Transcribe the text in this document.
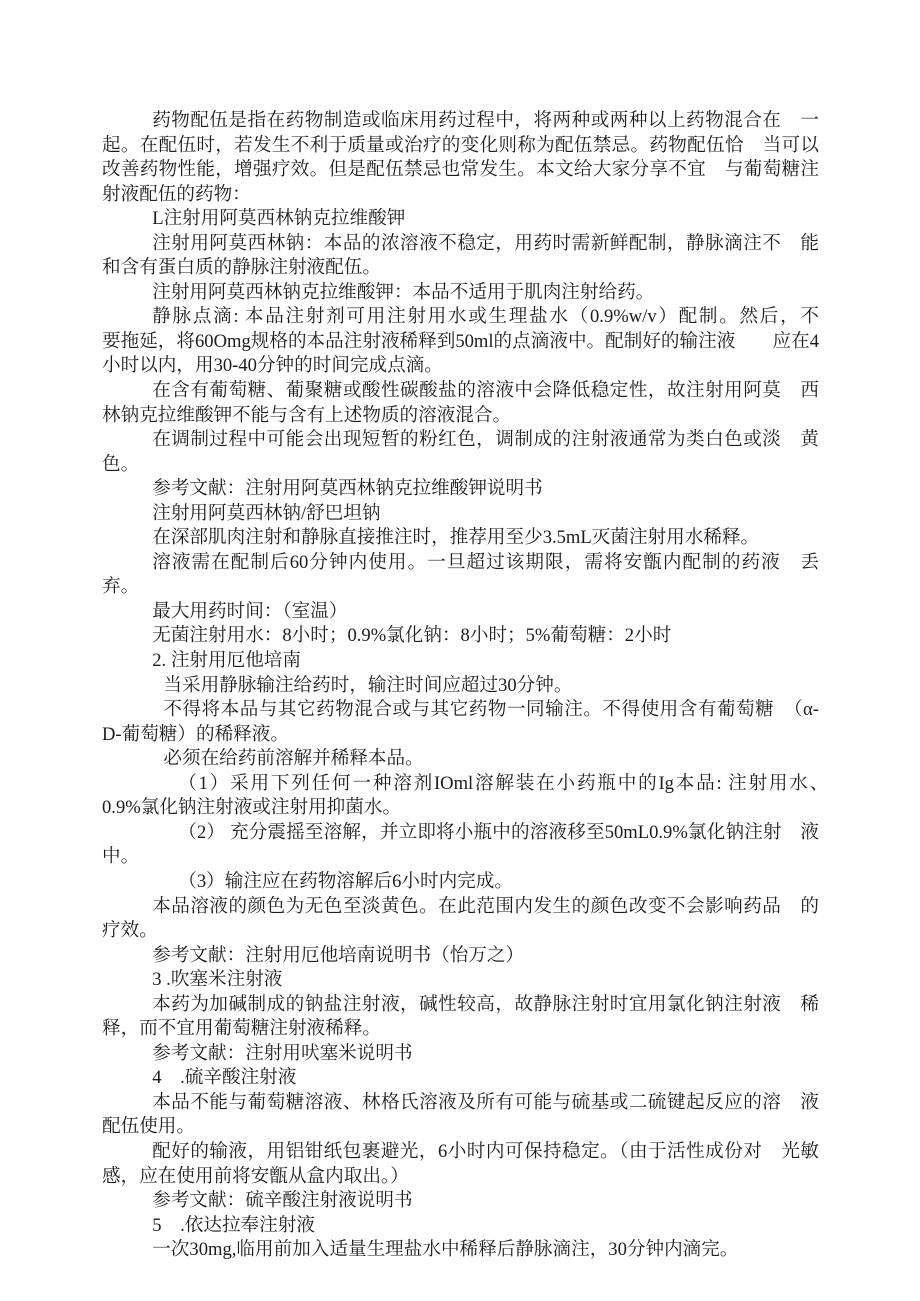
药物配伍是指在药物制造或临床用药过程中，将两种或两种以上药物混合在　一起。在配伍时，若发生不利于质量或治疗的变化则称为配伍禁忌。药物配伍恰　当可以改善药物性能，增强疗效。但是配伍禁忌也常发生。本文给大家分享不宜　与葡萄糖注射液配伍的药物：

L注射用阿莫西林钠克拉维酸钾

注射用阿莫西林钠：本品的浓溶液不稳定，用药时需新鲜配制，静脉滴注不　能和含有蛋白质的静脉注射液配伍。

注射用阿莫西林钠克拉维酸钾：本品不适用于肌肉注射给药。

静脉点滴: 本品注射剂可用注射用水或生理盐水（0.9%w/v）配制。然后，不　　要拖延，将60Omg规格的本品注射液稀释到50ml的点滴液中。配制好的输注液　　应在4小时以内，用30-40分钟的时间完成点滴。

在含有葡萄糖、葡聚糖或酸性碳酸盐的溶液中会降低稳定性，故注射用阿莫　西林钠克拉维酸钾不能与含有上述物质的溶液混合。

在调制过程中可能会出现短暂的粉红色，调制成的注射液通常为类白色或淡　黄色。

参考文献：注射用阿莫西林钠克拉维酸钾说明书

注射用阿莫西林钠/舒巴坦钠

在深部肌肉注射和静脉直接推注时，推荐用至少3.5mL灭菌注射用水稀释。

溶液需在配制后60分钟内使用。一旦超过该期限，需将安甑内配制的药液　丢弃。

最大用药时间：（室温）

无菌注射用水：8小时；0.9%氯化钠：8小时；5%葡萄糖：2小时

2. 注射用厄他培南

当采用静脉输注给药时，输注时间应超过30分钟。

不得将本品与其它药物混合或与其它药物一同输注。不得使用含有葡萄糖　（α-D-葡萄糖）的稀释液。

必须在给药前溶解并稀释本品。

（1）采用下列任何一种溶剂IOml溶解装在小药瓶中的Ig本品: 注射用水、　0.9%氯化钠注射液或注射用抑菌水。

（2） 充分震摇至溶解，并立即将小瓶中的溶液移至50mL0.9%氯化钠注射　液中。

（3）输注应在药物溶解后6小时内完成。

本品溶液的颜色为无色至淡黄色。在此范围内发生的颜色改变不会影响药品　的疗效。

参考文献：注射用厄他培南说明书（怡万之）

3 .吹塞米注射液

本药为加碱制成的钠盐注射液，碱性较高，故静脉注射时宜用氯化钠注射液　稀释，而不宜用葡萄糖注射液稀释。

参考文献：注射用吠塞米说明书

4　.硫辛酸注射液

本品不能与葡萄糖溶液、林格氏溶液及所有可能与硫基或二硫键起反应的溶　液配伍使用。

配好的输液，用铝钳纸包裹避光，6小时内可保持稳定。（由于活性成份对　光敏感，应在使用前将安甑从盒内取出。）

参考文献：硫辛酸注射液说明书

5　.依达拉奉注射液

一次30mg,临用前加入适量生理盐水中稀释后静脉滴注，30分钟内滴完。
